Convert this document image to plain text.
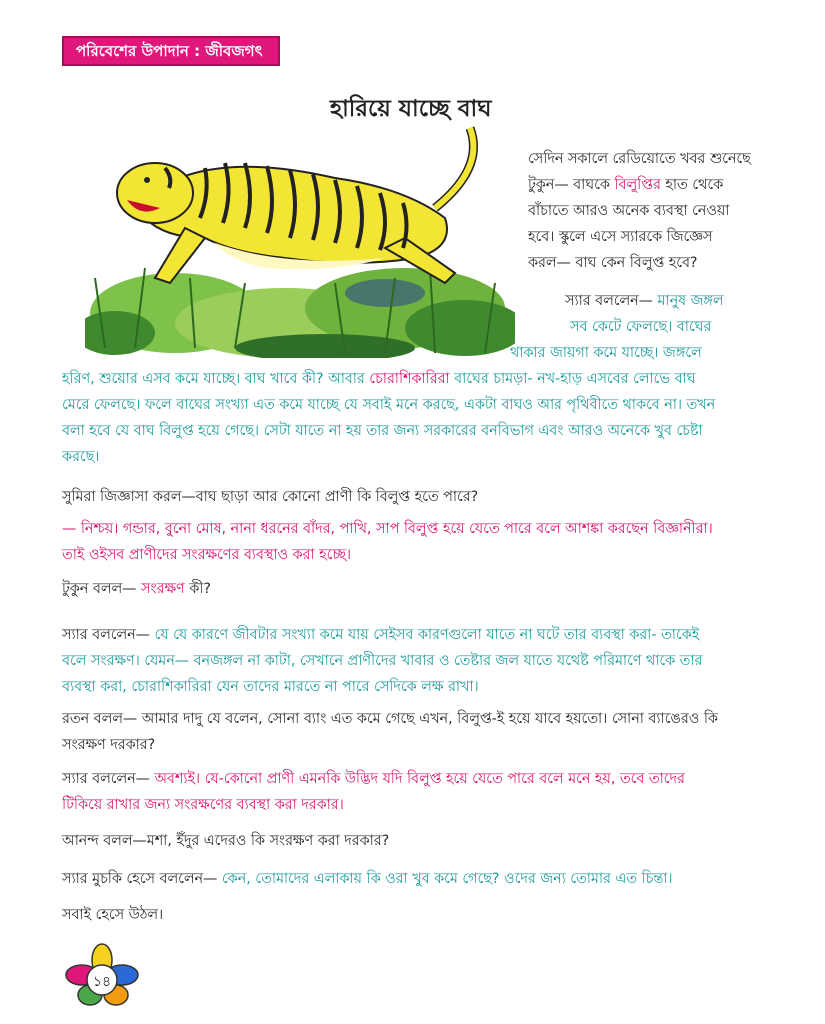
পরিবেশের উপাদান : জীবজগৎ
হারিয়ে যাচ্ছে বাঘ
সেদিন সকালে রেডিয়োতে খবর শুনেছে
টুকুন— বাঘকে বিলুপ্তির হাত থেকে
বাঁচাতে আরও অনেক ব্যবস্থা নেওয়া
হবে। স্কুলে এসে স্যারকে জিজ্ঞেস
করল— বাঘ কেন বিলুপ্ত হবে?
স্যার বললেন— মানুষ জঙ্গল
সব কেটে ফেলছে। বাঘের
থাকার জায়গা কমে যাচ্ছে। জঙ্গলে
হরিণ, শুয়োর এসব কমে যাচ্ছে। বাঘ খাবে কী? আবার চোরাশিকারিরা বাঘের চামড়া- নখ-হাড় এসবের লোভে বাঘ
মেরে ফেলছে। ফলে বাঘের সংখ্যা এত কমে যাচ্ছে যে সবাই মনে করছে, একটা বাঘও আর পৃথিবীতে থাকবে না। তখন
বলা হবে যে বাঘ বিলুপ্ত হয়ে গেছে। সেটা যাতে না হয় তার জন্য সরকারের বনবিভাগ এবং আরও অনেকে খুব চেষ্টা
করছে।
সুমিরা জিজ্ঞাসা করল—বাঘ ছাড়া আর কোনো প্রাণী কি বিলুপ্ত হতে পারে?
— নিশ্চয়। গন্ডার, বুনো মোষ, নানা ধরনের বাঁদর, পাখি, সাপ বিলুপ্ত হয়ে যেতে পারে বলে আশঙ্কা করছেন বিজ্ঞানীরা।
তাই ওইসব প্রাণীদের সংরক্ষণের ব্যবস্থাও করা হচ্ছে।
টুকুন বলল— সংরক্ষণ কী?
স্যার বললেন— যে যে কারণে জীবটার সংখ্যা কমে যায় সেইসব কারণগুলো যাতে না ঘটে তার ব্যবস্থা করা- তাকেই
বলে সংরক্ষণ। যেমন— বনজঙ্গল না কাটা, সেখানে প্রাণীদের খাবার ও তেষ্টার জল যাতে যথেষ্ট পরিমাণে থাকে তার
ব্যবস্থা করা, চোরাশিকারিরা যেন তাদের মারতে না পারে সেদিকে লক্ষ রাখা।
রতন বলল— আমার দাদু যে বলেন, সোনা ব্যাং এত কমে গেছে এখন, বিলুপ্ত-ই হয়ে যাবে হয়তো। সোনা ব্যাঙেরও কি
সংরক্ষণ দরকার?
স্যার বললেন— অবশ্যই। যে-কোনো প্রাণী এমনকি উদ্ভিদ যদি বিলুপ্ত হয়ে যেতে পারে বলে মনে হয়, তবে তাদের
টিকিয়ে রাখার জন্য সংরক্ষণের ব্যবস্থা করা দরকার।
আনন্দ বলল—মশা, ইঁদুর এদেরও কি সংরক্ষণ করা দরকার?
স্যার মুচকি হেসে বললেন— কেন, তোমাদের এলাকায় কি ওরা খুব কমে গেছে? ওদের জন্য তোমার এত চিন্তা।
সবাই হেসে উঠল।
১৪
